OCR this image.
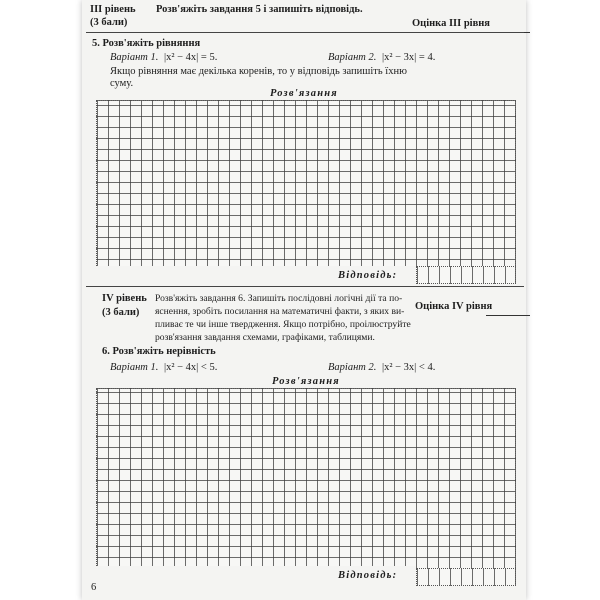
III рівень Розв'яжіть завдання 5 і запишіть відповідь.
(3 бали)	Оцінка III рівня
5. Розв'яжіть рівняння
Варіант 1. |x² − 4x| = 5.	Варіант 2. |x² − 3x| = 4.
Якщо рівняння має декілька коренів, то у відповідь запишіть їхню
суму.
Розв'язання
Відповідь:
IV рівень
(3 бали)
Розв'яжіть завдання 6. Запишіть послідовні логічні дії та по-
яснення, зробіть посилання на математичні факти, з яких ви-
пливає те чи інше твердження. Якщо потрібно, проілюструйте
розв'язання завдання схемами, графіками, таблицями.
Оцінка IV рівня
6. Розв'яжіть нерівність
Варіант 1. |x² − 4x| < 5.	Варіант 2. |x² − 3x| < 4.
Розв'язання
Відповідь:
6
